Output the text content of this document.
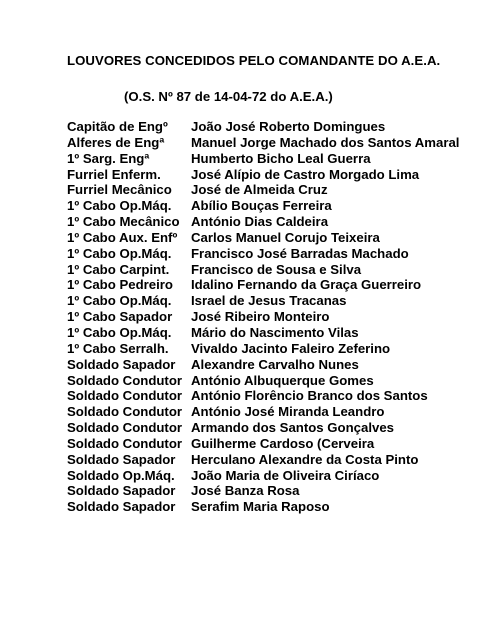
LOUVORES CONCEDIDOS PELO COMANDANTE DO A.E.A.
(O.S. Nº 87 de 14-04-72 do A.E.A.)
Capitão de Engº João José Roberto Domingues
Alferes de Engª Manuel Jorge Machado dos Santos Amaral
1º Sarg. Engª	Humberto Bicho Leal Guerra
Furriel Enferm. José Alípio de Castro Morgado Lima
Furriel Mecânico José de Almeida Cruz
1º Cabo Op.Máq. Abílio Bouças Ferreira
1º Cabo Mecânico António Dias Caldeira
1º Cabo Aux. Enfº Carlos Manuel Corujo Teixeira
1º Cabo Op.Máq. Francisco José Barradas Machado
1º Cabo Carpint. Francisco de Sousa e Silva
1º Cabo Pedreiro Idalino Fernando da Graça Guerreiro
1º Cabo Op.Máq. Israel de Jesus Tracanas
1º Cabo Sapador José Ribeiro Monteiro
1º Cabo Op.Máq. Mário do Nascimento Vilas
1º Cabo Serralh. Vivaldo Jacinto Faleiro Zeferino
Soldado Sapador Alexandre Carvalho Nunes
Soldado Condutor António Albuquerque Gomes
Soldado Condutor António Florêncio Branco dos Santos
Soldado Condutor António José Miranda Leandro
Soldado Condutor Armando dos Santos Gonçalves
Soldado Condutor Guilherme Cardoso (Cerveira
Soldado Sapador Herculano Alexandre da Costa Pinto
Soldado Op.Máq. João Maria de Oliveira Ciríaco
Soldado Sapador José Banza Rosa
Soldado Sapador Serafim Maria Raposo
